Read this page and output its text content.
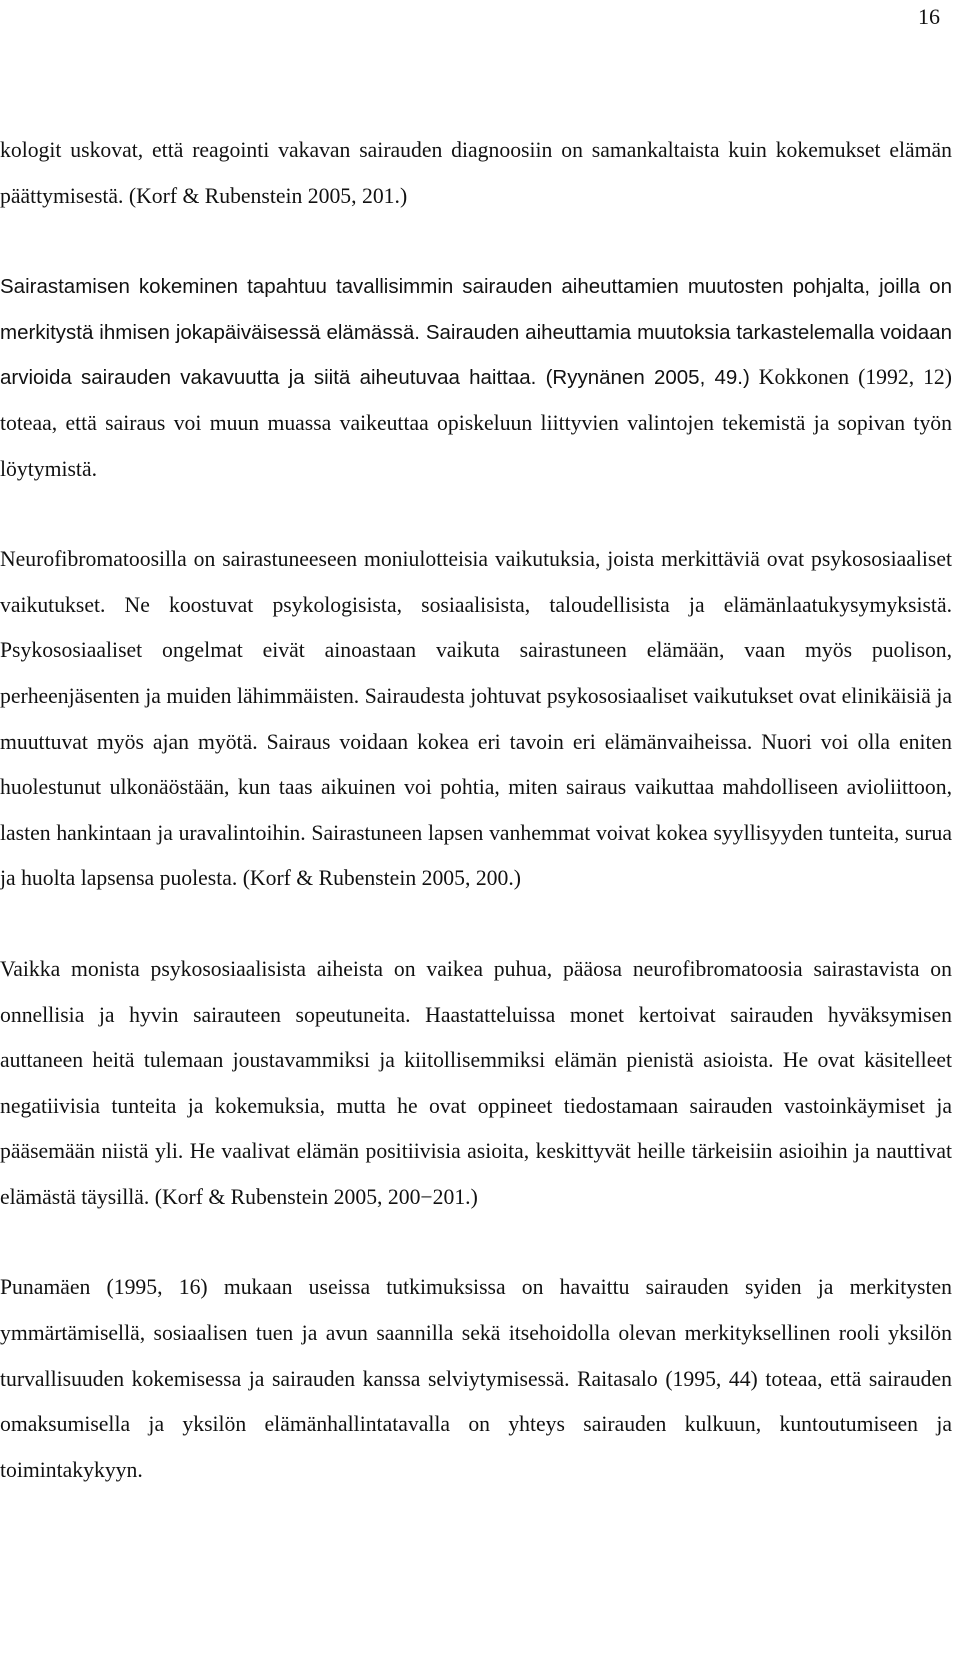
16

kologit uskovat, että reagointi vakavan sairauden diagnoosiin on samankaltaista kuin kokemukset elämän päättymisestä. (Korf & Rubenstein 2005, 201.)

Sairastamisen kokeminen tapahtuu tavallisimmin sairauden aiheuttamien muutosten pohjalta, joilla on merkitystä ihmisen jokapäiväisessä elämässä. Sairauden aiheuttamia muutoksia tarkastelemalla voidaan arvioida sairauden vakavuutta ja siitä aiheutuvaa haittaa. (Ryynänen 2005, 49.) Kokkonen (1992, 12) toteaa, että sairaus voi muun muassa vaikeuttaa opiskeluun liittyvien valintojen tekemistä ja sopivan työn löytymistä.

Neurofibromatoosilla on sairastuneeseen moniulotteisia vaikutuksia, joista merkittäviä ovat psykososiaaliset vaikutukset. Ne koostuvat psykologisista, sosiaalisista, taloudellisista ja elämänlaatukysymyksistä. Psykososiaaliset ongelmat eivät ainoastaan vaikuta sairastuneen elämään, vaan myös puolison, perheenjäsenten ja muiden lähimmäisten. Sairaudesta johtuvat psykososiaaliset vaikutukset ovat elinikäisiä ja muuttuvat myös ajan myötä. Sairaus voidaan kokea eri tavoin eri elämänvaiheissa. Nuori voi olla eniten huolestunut ulkonäöstään, kun taas aikuinen voi pohtia, miten sairaus vaikuttaa mahdolliseen avioliittoon, lasten hankintaan ja uravalintoihin. Sairastuneen lapsen vanhemmat voivat kokea syyllisyyden tunteita, surua ja huolta lapsensa puolesta. (Korf & Rubenstein 2005, 200.)

Vaikka monista psykososiaalisista aiheista on vaikea puhua, pääosa neurofibromatoosia sairastavista on onnellisia ja hyvin sairauteen sopeutuneita. Haastatteluissa monet kertoivat sairauden hyväksymisen auttaneen heitä tulemaan joustavammiksi ja kiitollisemmiksi elämän pienistä asioista. He ovat käsitelleet negatiivisia tunteita ja kokemuksia, mutta he ovat oppineet tiedostamaan sairauden vastoinkäymiset ja pääsemään niistä yli. He vaalivat elämän positiivisia asioita, keskittyvät heille tärkeisiin asioihin ja nauttivat elämästä täysillä. (Korf & Rubenstein 2005, 200−201.)

Punamäen (1995, 16) mukaan useissa tutkimuksissa on havaittu sairauden syiden ja merkitysten ymmärtämisellä, sosiaalisen tuen ja avun saannilla sekä itsehoidolla olevan merkityksellinen rooli yksilön turvallisuuden kokemisessa ja sairauden kanssa selviytymisessä. Raitasalo (1995, 44) toteaa, että sairauden omaksumisella ja yksilön elämänhallintatavalla on yhteys sairauden kulkuun, kuntoutumiseen ja toimintakykyyn.
